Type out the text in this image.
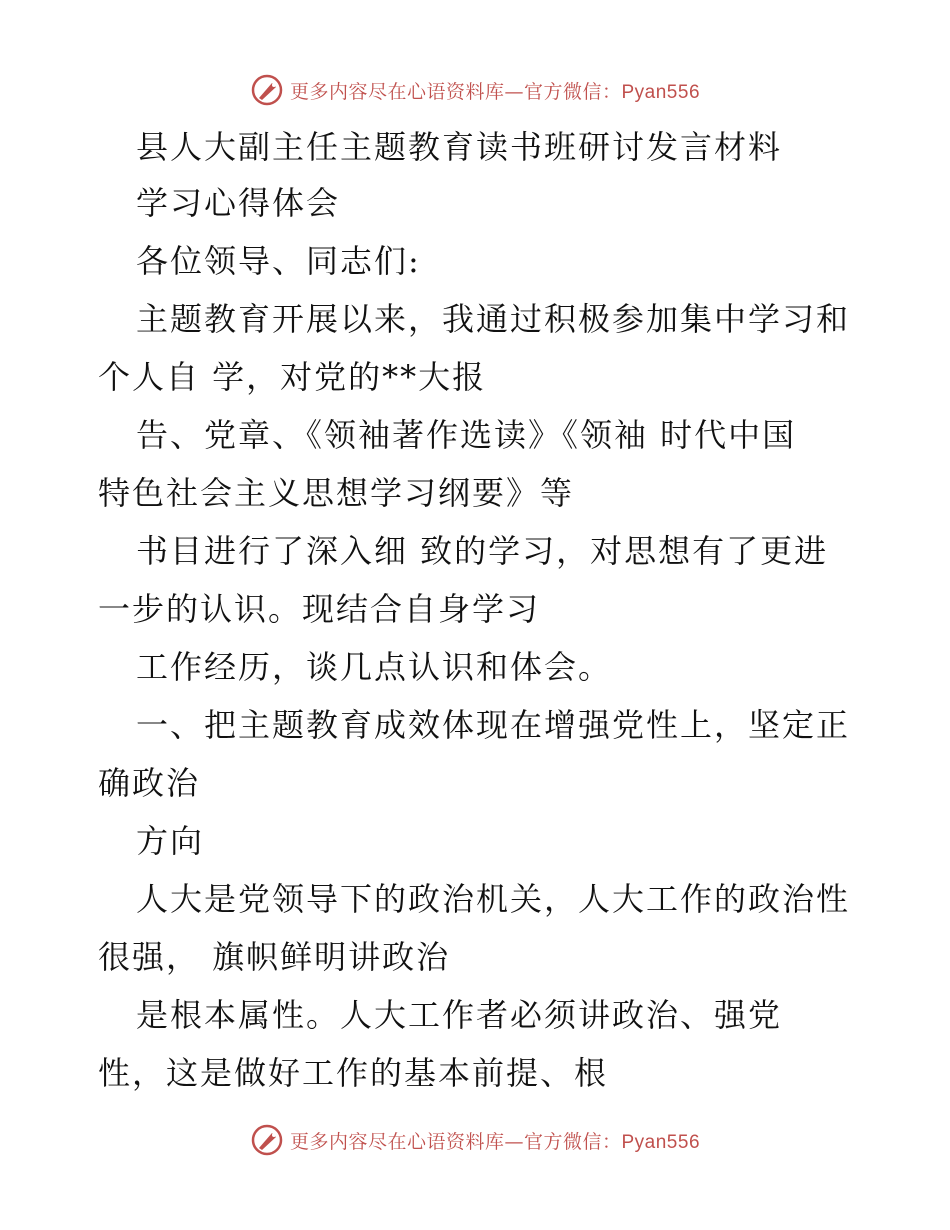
更多内容尽在心语资料库—官方微信：Pyan556
县人大副主任主题教育读书班研讨发言材料
学习心得体会
各位领导、同志们:
主题教育开展以来，我通过积极参加集中学习和
个人自 学，对党的**大报
告、党章、《领袖著作选读》《领袖 时代中国
特色社会主义思想学习纲要》等
书目进行了深入细 致的学习，对思想有了更进
一步的认识。现结合自身学习
工作经历，谈几点认识和体会。
一、把主题教育成效体现在增强党性上，坚定正
确政治
方向
人大是党领导下的政治机关，人大工作的政治性
很强， 旗帜鲜明讲政治
是根本属性。人大工作者必须讲政治、强党
性，这是做好工作的基本前提、根
更多内容尽在心语资料库—官方微信：Pyan556
